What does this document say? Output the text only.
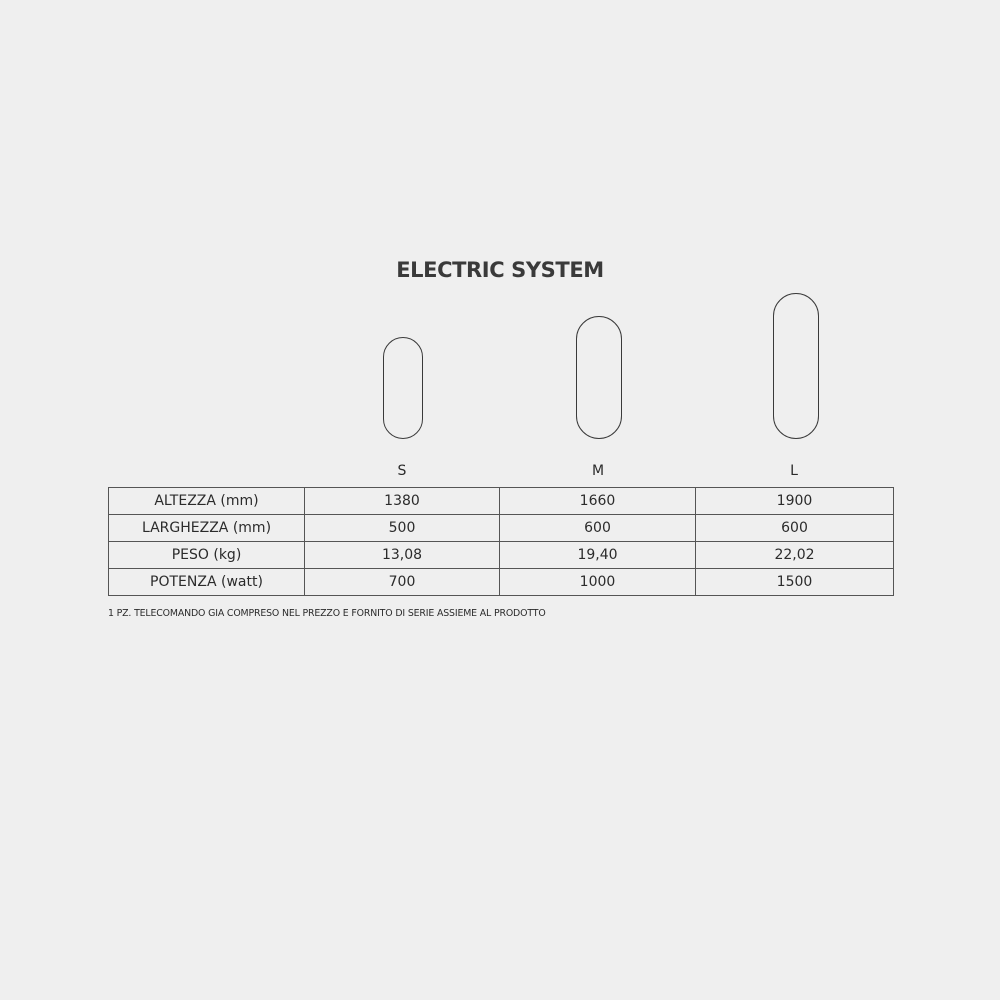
ELECTRIC SYSTEM
S	M	L
ALTEZZA (mm)	1380	1660	1900
LARGHEZZA (mm)	500	600	600
PESO (kg)	13,08	19,40	22,02
POTENZA (watt)	700	1000	1500
1 PZ. TELECOMANDO GIA COMPRESO NEL PREZZO E FORNITO DI SERIE ASSIEME AL PRODOTTO
